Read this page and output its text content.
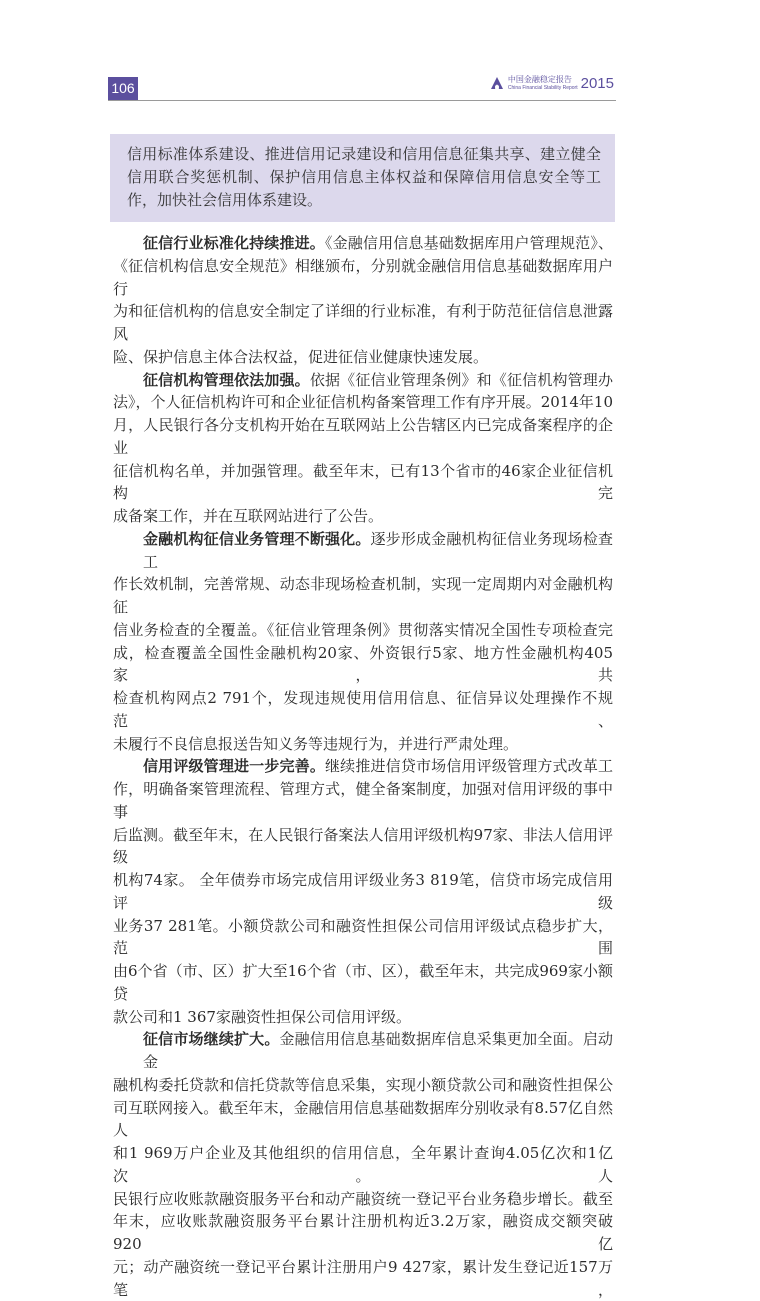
106
中国金融稳定报告
China Financial Stability Report 2015
信用标准体系建设、推进信用记录建设和信用信息征集共享、建立健全
信用联合奖惩机制、保护信用信息主体权益和保障信用信息安全等工
作，加快社会信用体系建设。
征信行业标准化持续推进。《金融信用信息基础数据库用户管理规范》、
《征信机构信息安全规范》相继颁布，分别就金融信用信息基础数据库用户行
为和征信机构的信息安全制定了详细的行业标准，有利于防范征信信息泄露风
险、保护信息主体合法权益，促进征信业健康快速发展。
征信机构管理依法加强。依据《征信业管理条例》和《征信机构管理办
法》，个人征信机构许可和企业征信机构备案管理工作有序开展。2014年10
月，人民银行各分支机构开始在互联网站上公告辖区内已完成备案程序的企业
征信机构名单，并加强管理。截至年末，已有13个省市的46家企业征信机构完
成备案工作，并在互联网站进行了公告。
金融机构征信业务管理不断强化。逐步形成金融机构征信业务现场检查工
作长效机制，完善常规、动态非现场检查机制，实现一定周期内对金融机构征
信业务检查的全覆盖。《征信业管理条例》贯彻落实情况全国性专项检查完
成，检查覆盖全国性金融机构20家、外资银行5家、地方性金融机构405家，共
检查机构网点2 791个，发现违规使用信用信息、征信异议处理操作不规范、
未履行不良信息报送告知义务等违规行为，并进行严肃处理。
信用评级管理进一步完善。继续推进信贷市场信用评级管理方式改革工
作，明确备案管理流程、管理方式，健全备案制度，加强对信用评级的事中事
后监测。截至年末，在人民银行备案法人信用评级机构97家、非法人信用评级
机构74家。 全年债券市场完成信用评级业务3 819笔，信贷市场完成信用评级
业务37 281笔。小额贷款公司和融资性担保公司信用评级试点稳步扩大，范围
由6个省（市、区）扩大至16个省（市、区），截至年末，共完成969家小额贷
款公司和1 367家融资性担保公司信用评级。
征信市场继续扩大。金融信用信息基础数据库信息采集更加全面。启动金
融机构委托贷款和信托贷款等信息采集，实现小额贷款公司和融资性担保公
司互联网接入。截至年末，金融信用信息基础数据库分别收录有8.57亿自然人
和1 969万户企业及其他组织的信用信息，全年累计查询4.05亿次和1亿次。人
民银行应收账款融资服务平台和动产融资统一登记平台业务稳步增长。截至
年末，应收账款融资服务平台累计注册机构近3.2万家，融资成交额突破920亿
元；动产融资统一登记平台累计注册用户9 427家，累计发生登记近157万笔，
